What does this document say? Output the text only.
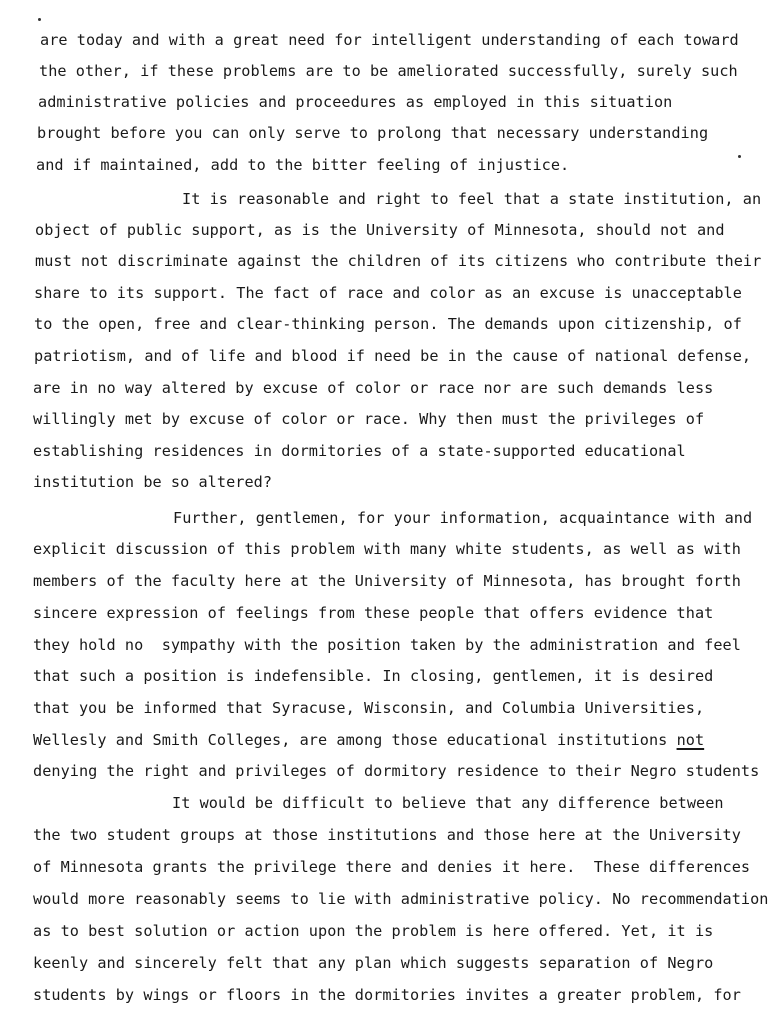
are today and with a great need for intelligent understanding of each toward
the other, if these problems are to be ameliorated successfully, surely such
administrative policies and proceedures as employed in this situation
brought before you can only serve to prolong that necessary understanding
and if maintained, add to the bitter feeling of injustice.
It is reasonable and right to feel that a state institution, an
object of public support, as is the University of Minnesota, should not and
must not discriminate against the children of its citizens who contribute their
share to its support. The fact of race and color as an excuse is unacceptable
to the open, free and clear-thinking person. The demands upon citizenship, of
patriotism, and of life and blood if need be in the cause of national defense,
are in no way altered by excuse of color or race nor are such demands less
willingly met by excuse of color or race. Why then must the privileges of
establishing residences in dormitories of a state-supported educational
institution be so altered?
Further, gentlemen, for your information, acquaintance with and
explicit discussion of this problem with many white students, as well as with
members of the faculty here at the University of Minnesota, has brought forth
sincere expression of feelings from these people that offers evidence that
they hold no  sympathy with the position taken by the administration and feel
that such a position is indefensible. In closing, gentlemen, it is desired
that you be informed that Syracuse, Wisconsin, and Columbia Universities,
Wellesly and Smith Colleges, are among those educational institutions not
denying the right and privileges of dormitory residence to their Negro students
It would be difficult to believe that any difference between
the two student groups at those institutions and those here at the University
of Minnesota grants the privilege there and denies it here.  These differences
would more reasonably seems to lie with administrative policy. No recommendation
as to best solution or action upon the problem is here offered. Yet, it is
keenly and sincerely felt that any plan which suggests separation of Negro
students by wings or floors in the dormitories invites a greater problem, for
